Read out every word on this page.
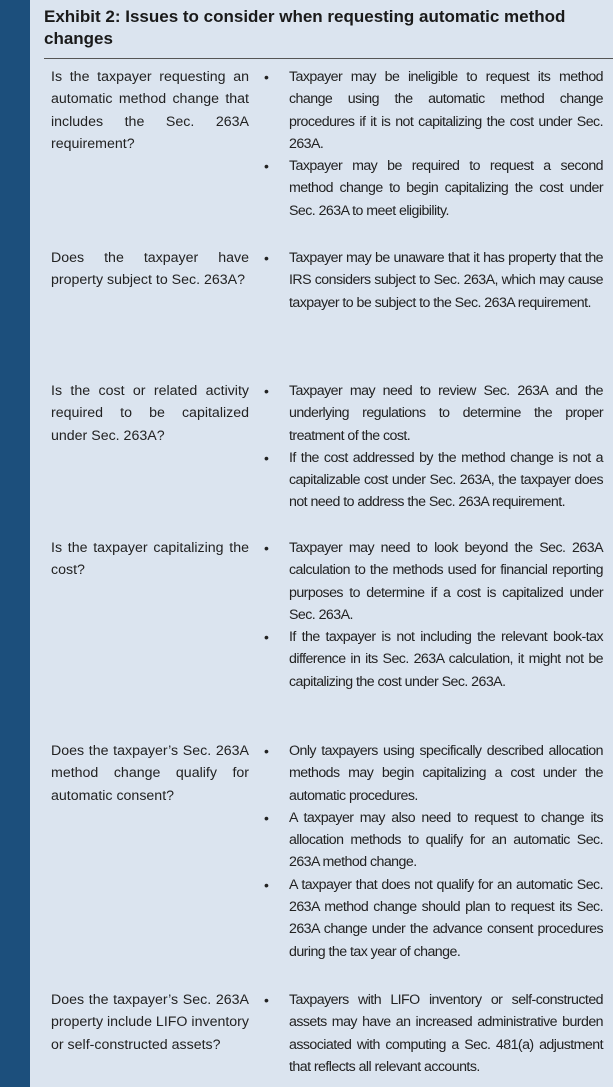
Exhibit 2: Issues to consider when requesting automatic method changes
Is the taxpayer requesting an automatic method change that includes the Sec. 263A requirement?
•	Taxpayer may be ineligible to request its method change using the automatic method change procedures if it is not capitalizing the cost under Sec. 263A.
•	Taxpayer may be required to request a second method change to begin capitalizing the cost under Sec. 263A to meet eligibility.
Does the taxpayer have property subject to Sec. 263A?
•	Taxpayer may be unaware that it has property that the IRS considers subject to Sec. 263A, which may cause taxpayer to be subject to the Sec. 263A requirement.
Is the cost or related activity required to be capitalized under Sec. 263A?
•	Taxpayer may need to review Sec. 263A and the underlying regulations to determine the proper treatment of the cost.
•	If the cost addressed by the method change is not a capitalizable cost under Sec. 263A, the taxpayer does not need to address the Sec. 263A requirement.
Is the taxpayer capitalizing the cost?
•	Taxpayer may need to look beyond the Sec. 263A calculation to the methods used for financial reporting purposes to determine if a cost is capitalized under Sec. 263A.
•	If the taxpayer is not including the relevant book-tax difference in its Sec. 263A calculation, it might not be capitalizing the cost under Sec. 263A.
Does the taxpayer’s Sec. 263A method change qualify for automatic consent?
•	Only taxpayers using specifically described allocation methods may begin capitalizing a cost under the automatic procedures.
•	A taxpayer may also need to request to change its allocation methods to qualify for an automatic Sec. 263A method change.
•	A taxpayer that does not qualify for an automatic Sec. 263A method change should plan to request its Sec. 263A change under the advance consent procedures during the tax year of change.
Does the taxpayer’s Sec. 263A property include LIFO inventory or self-constructed assets?
•	Taxpayers with LIFO inventory or self-constructed assets may have an increased administrative burden associated with computing a Sec. 481(a) adjustment that reflects all relevant accounts.
